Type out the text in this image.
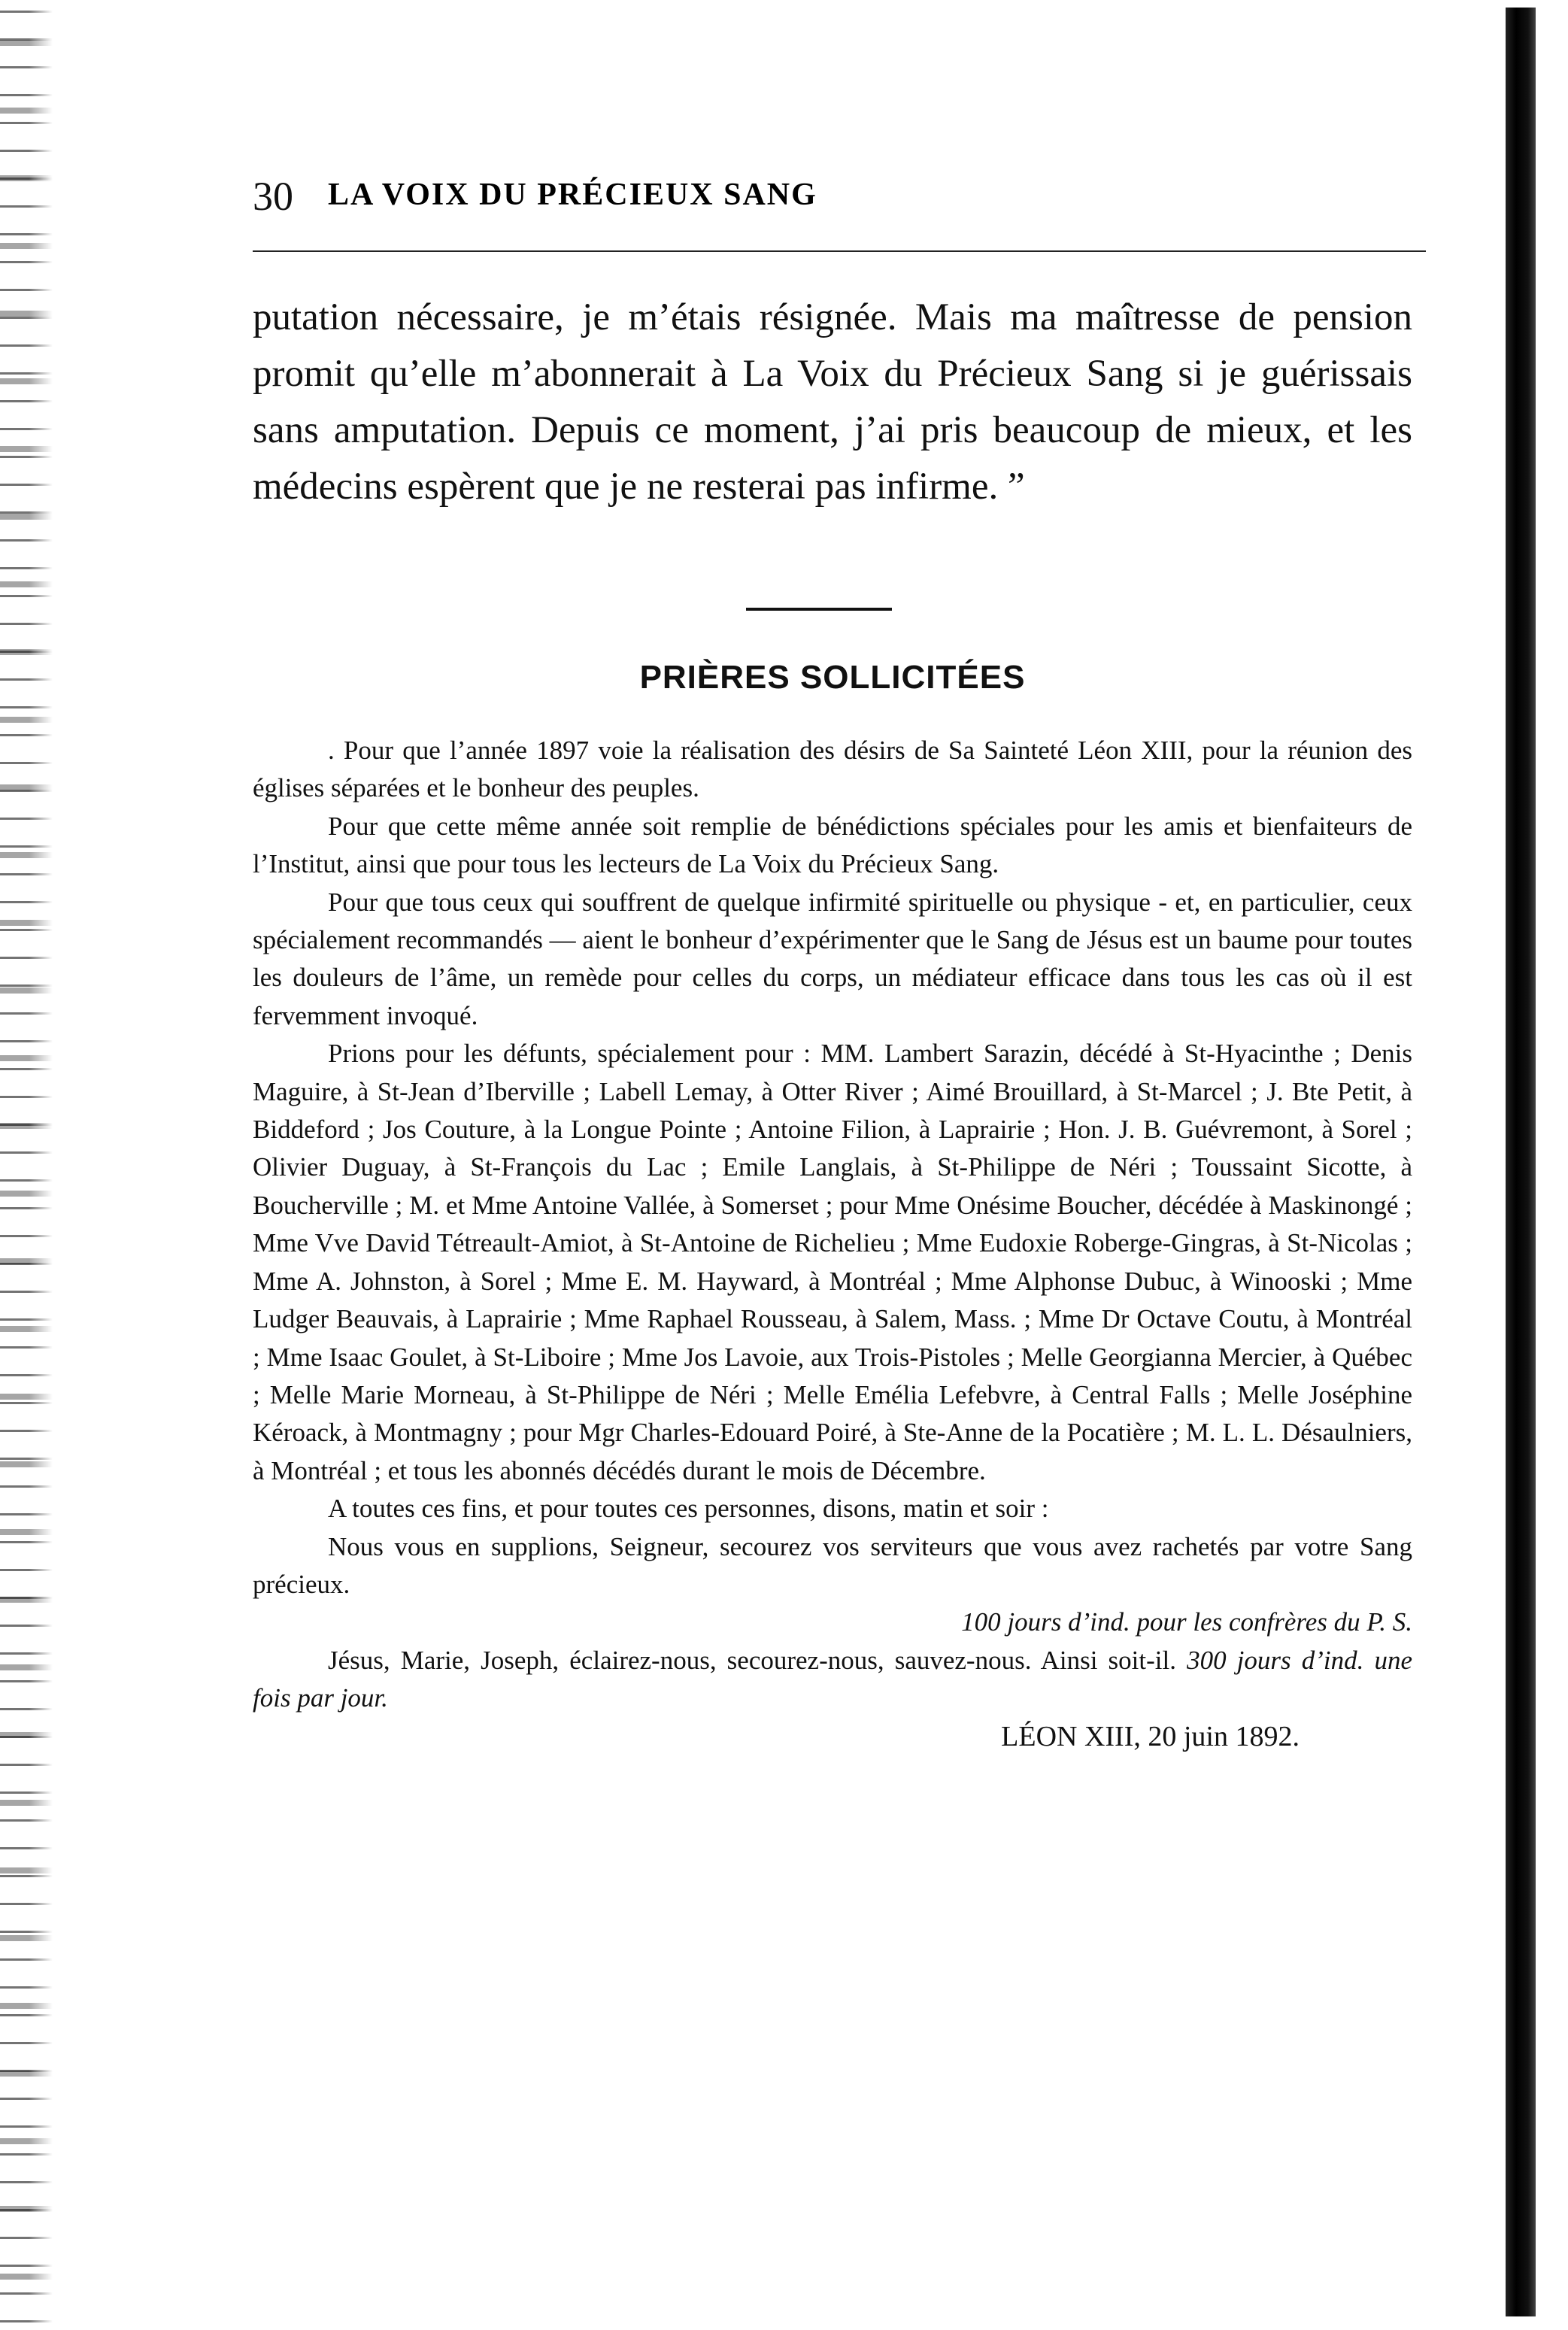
30 LA VOIX DU PRÉCIEUX SANG

putation nécessaire, je m’étais résignée. Mais ma maîtresse de pension promit qu’elle m’abonnerait à La Voix du Précieux Sang si je guérissais sans amputation. Depuis ce moment, j’ai pris beaucoup de mieux, et les médecins espèrent que je ne resterai pas infirme. ”

PRIÈRES SOLLICITÉES

. Pour que l’année 1897 voie la réalisation des désirs de Sa Sainteté Léon XIII, pour la réunion des églises séparées et le bonheur des peuples.

Pour que cette même année soit remplie de bénédictions spéciales pour les amis et bienfaiteurs de l’Institut, ainsi que pour tous les lecteurs de La Voix du Précieux Sang.

Pour que tous ceux qui souffrent de quelque infirmité spirituelle ou physique - et, en particulier, ceux spécialement recommandés — aient le bonheur d’expérimenter que le Sang de Jésus est un baume pour toutes les douleurs de l’âme, un remède pour celles du corps, un médiateur efficace dans tous les cas où il est fervemment invoqué.

Prions pour les défunts, spécialement pour : MM. Lambert Sarazin, décédé à St-Hyacinthe ; Denis Maguire, à St-Jean d’Iberville ; Labell Lemay, à Otter River ; Aimé Brouillard, à St-Marcel ; J. Bte Petit, à Biddeford ; Jos Couture, à la Longue Pointe ; Antoine Filion, à Laprairie ; Hon. J. B. Guévremont, à Sorel ; Olivier Duguay, à St-François du Lac ; Emile Langlais, à St-Philippe de Néri ; Toussaint Sicotte, à Boucherville ; M. et Mme Antoine Vallée, à Somerset ; pour Mme Onésime Boucher, décédée à Maskinongé ; Mme Vve David Tétreault-Amiot, à St-Antoine de Richelieu ; Mme Eudoxie Roberge-Gingras, à St-Nicolas ; Mme A. Johnston, à Sorel ; Mme E. M. Hayward, à Montréal ; Mme Alphonse Dubuc, à Winooski ; Mme Ludger Beauvais, à Laprairie ; Mme Raphael Rousseau, à Salem, Mass. ; Mme Dr Octave Coutu, à Montréal ; Mme Isaac Goulet, à St-Liboire ; Mme Jos Lavoie, aux Trois-Pistoles ; Melle Georgianna Mercier, à Québec ; Melle Marie Morneau, à St-Philippe de Néri ; Melle Emélia Lefebvre, à Central Falls ; Melle Joséphine Kéroack, à Montmagny ; pour Mgr Charles-Edouard Poiré, à Ste-Anne de la Pocatière ; M. L. L. Désaulniers, à Montréal ; et tous les abonnés décédés durant le mois de Décembre.

A toutes ces fins, et pour toutes ces personnes, disons, matin et soir :

Nous vous en supplions, Seigneur, secourez vos serviteurs que vous avez rachetés par votre Sang précieux.

100 jours d’ind. pour les confrères du P. S.

Jésus, Marie, Joseph, éclairez-nous, secourez-nous, sauvez-nous. Ainsi soit-il. 300 jours d’ind. une fois par jour.

LÉON XIII, 20 juin 1892.
